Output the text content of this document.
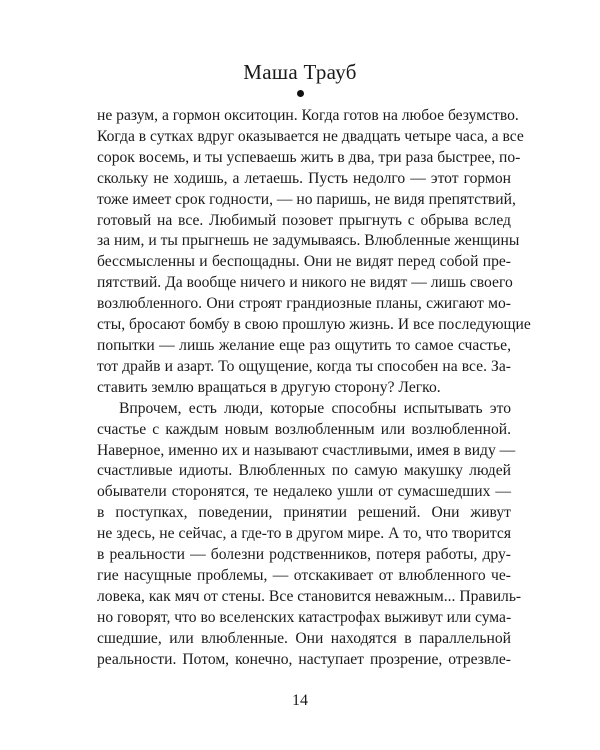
Маша Трауб
не разум, а гормон окситоцин. Когда готов на любое безумство.
Когда в сутках вдруг оказывается не двадцать четыре часа, а все
сорок восемь, и ты успеваешь жить в два, три раза быстрее, по-
скольку не ходишь, а летаешь. Пусть недолго — этот гормон
тоже имеет срок годности, — но паришь, не видя препятствий,
готовый на все. Любимый позовет прыгнуть с обрыва вслед
за ним, и ты прыгнешь не задумываясь. Влюбленные женщины
бессмысленны и беспощадны. Они не видят перед собой пре-
пятствий. Да вообще ничего и никого не видят — лишь своего
возлюбленного. Они строят грандиозные планы, сжигают мо-
сты, бросают бомбу в свою прошлую жизнь. И все последующие
попытки — лишь желание еще раз ощутить то самое счастье,
тот драйв и азарт. То ощущение, когда ты способен на все. За-
ставить землю вращаться в другую сторону? Легко.
Впрочем, есть люди, которые способны испытывать это
счастье с каждым новым возлюбленным или возлюбленной.
Наверное, именно их и называют счастливыми, имея в виду —
счастливые идиоты. Влюбленных по самую макушку людей
обыватели сторонятся, те недалеко ушли от сумасшедших —
в поступках, поведении, принятии решений. Они живут
не здесь, не сейчас, а где-то в другом мире. А то, что творится
в реальности — болезни родственников, потеря работы, дру-
гие насущные проблемы, — отскакивает от влюбленного че-
ловека, как мяч от стены. Все становится неважным... Правиль-
но говорят, что во вселенских катастрофах выживут или сума-
сшедшие, или влюбленные. Они находятся в параллельной
реальности. Потом, конечно, наступает прозрение, отрезвле-
14
